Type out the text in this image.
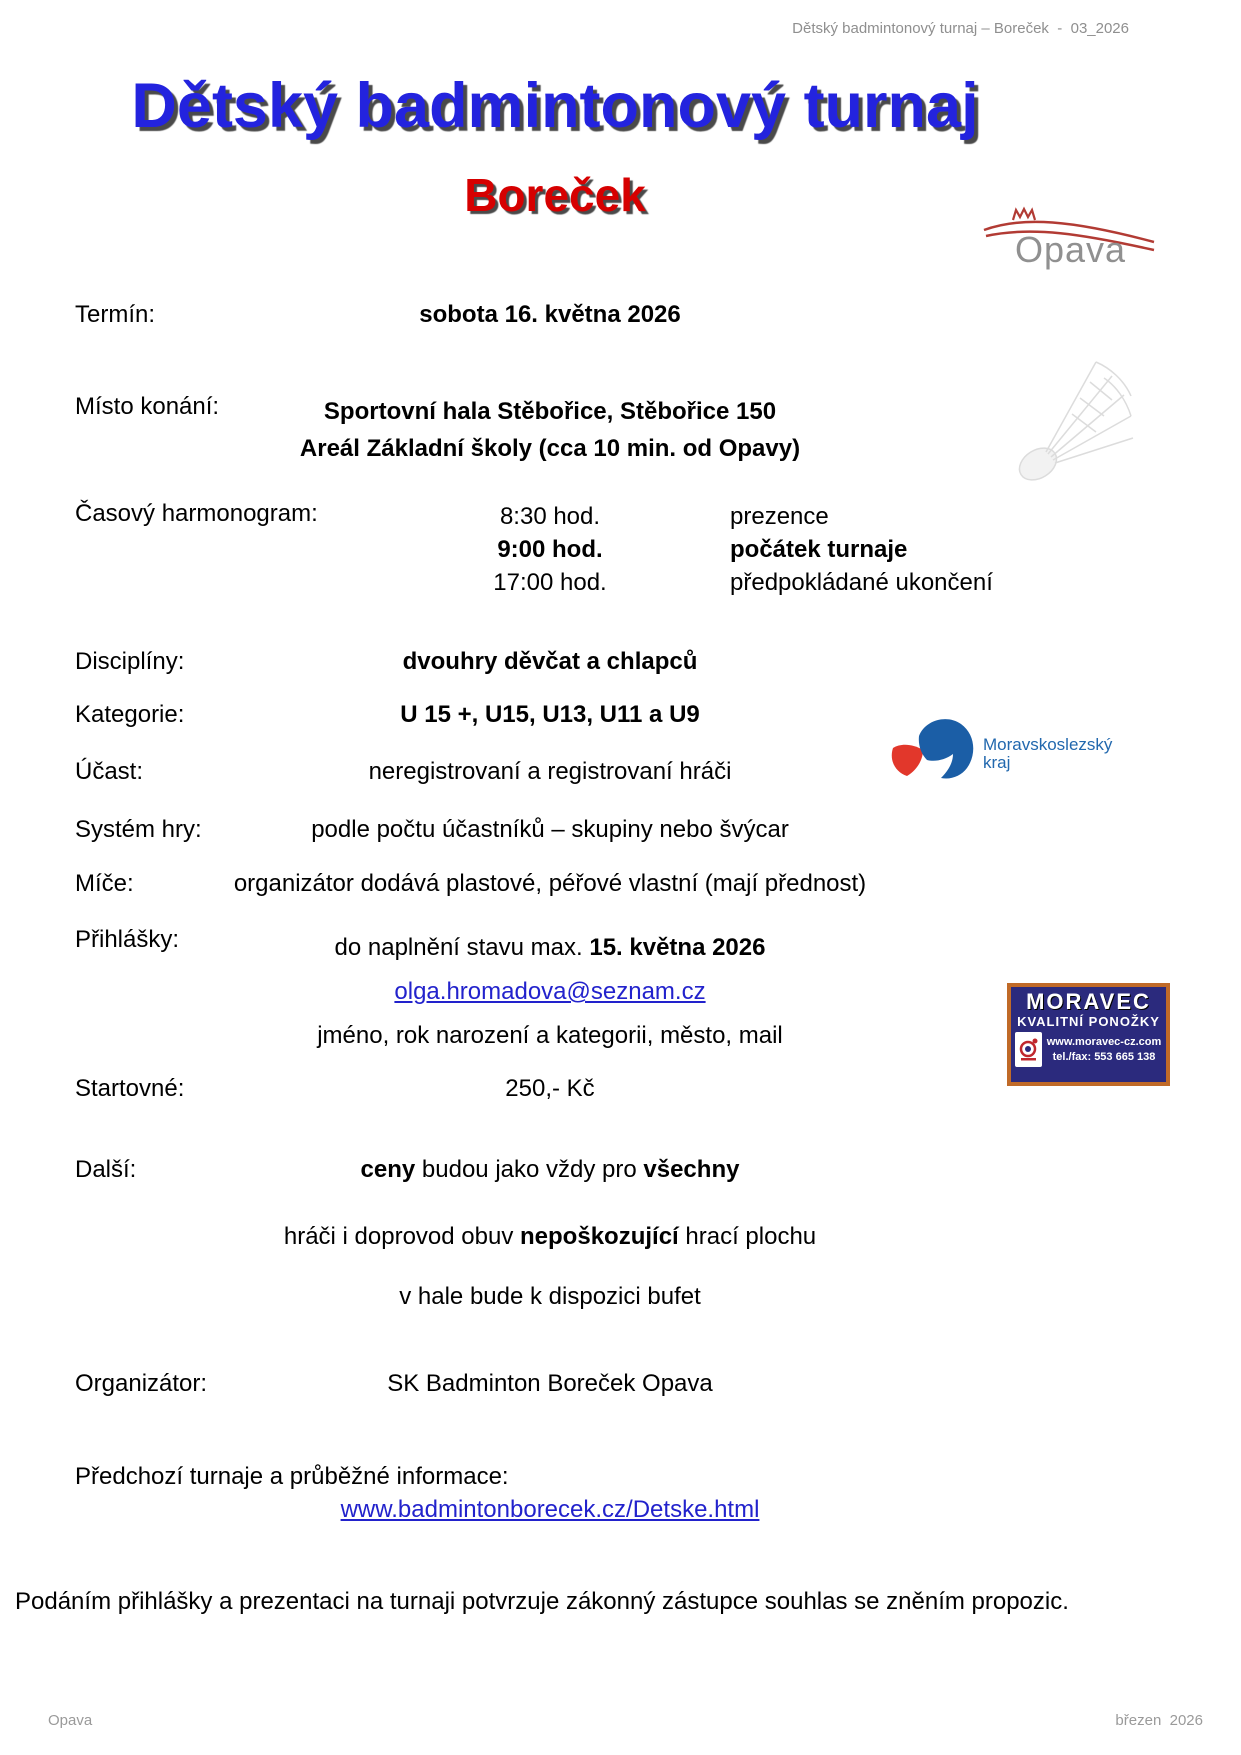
Dětský badmintonový turnaj – Boreček  -  03_2026
Dětský badmintonový turnaj
Boreček
Opava
Moravskoslezský
kraj
MORAVEC
KVALITNÍ PONOŽKY
www.moravec-cz.com
tel./fax: 553 665 138
Termín:	sobota 16. května 2026
Místo konání:	Sportovní hala Stěbořice, Stěbořice 150
Areál Základní školy (cca 10 min. od Opavy)
Časový harmonogram:	8:30 hod.	prezence
9:00 hod.	počátek turnaje
17:00 hod.	předpokládané ukončení
Disciplíny:	dvouhry děvčat a chlapců
Kategorie:	U 15 +, U15, U13, U11 a U9
Účast:	neregistrovaní a registrovaní hráči
Systém hry:	podle počtu účastníků – skupiny nebo švýcar
Míče:	organizátor dodává plastové, péřové vlastní (mají přednost)
Přihlášky:	do naplnění stavu max. 15. května 2026
olga.hromadova@seznam.cz
jméno, rok narození a kategorii, město, mail
Startovné:	250,- Kč
Další:	ceny budou jako vždy pro všechny
hráči i doprovod obuv nepoškozující hrací plochu
v hale bude k dispozici bufet
Organizátor:	SK Badminton Boreček Opava
Předchozí turnaje a průběžné informace:
www.badmintonborecek.cz/Detske.html
Podáním přihlášky a prezentaci na turnaji potvrzuje zákonný zástupce souhlas se zněním propozic.
Opava	březen  2026
